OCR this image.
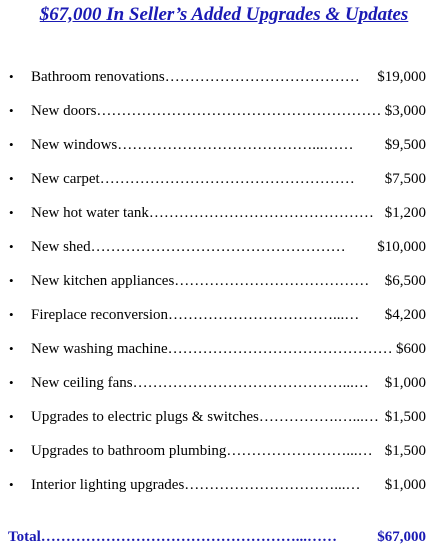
$67,000 In Seller’s Added Upgrades & Updates
• Bathroom renovations…………………………………	$19,000
• New doors………………………………………………… $3,000
• New windows…………………………………...……	$9,500
• New carpet……………………………………………	$7,500
• New hot water tank……………………………………… $1,200
• New shed……………………………………………	$10,000
• New kitchen appliances…………………………………	$6,500
• Fireplace reconversion……………………………...…	$4,200
• New washing machine……………………………………… $600
• New ceiling fans……………………………………...…	$1,000
• Upgrades to electric plugs & switches…………….…...… $1,500
• Upgrades to bathroom plumbing……………………...… $1,500
• Interior lighting upgrades…………………………...…	$1,000
Total……………………………………………...……	$67,000
